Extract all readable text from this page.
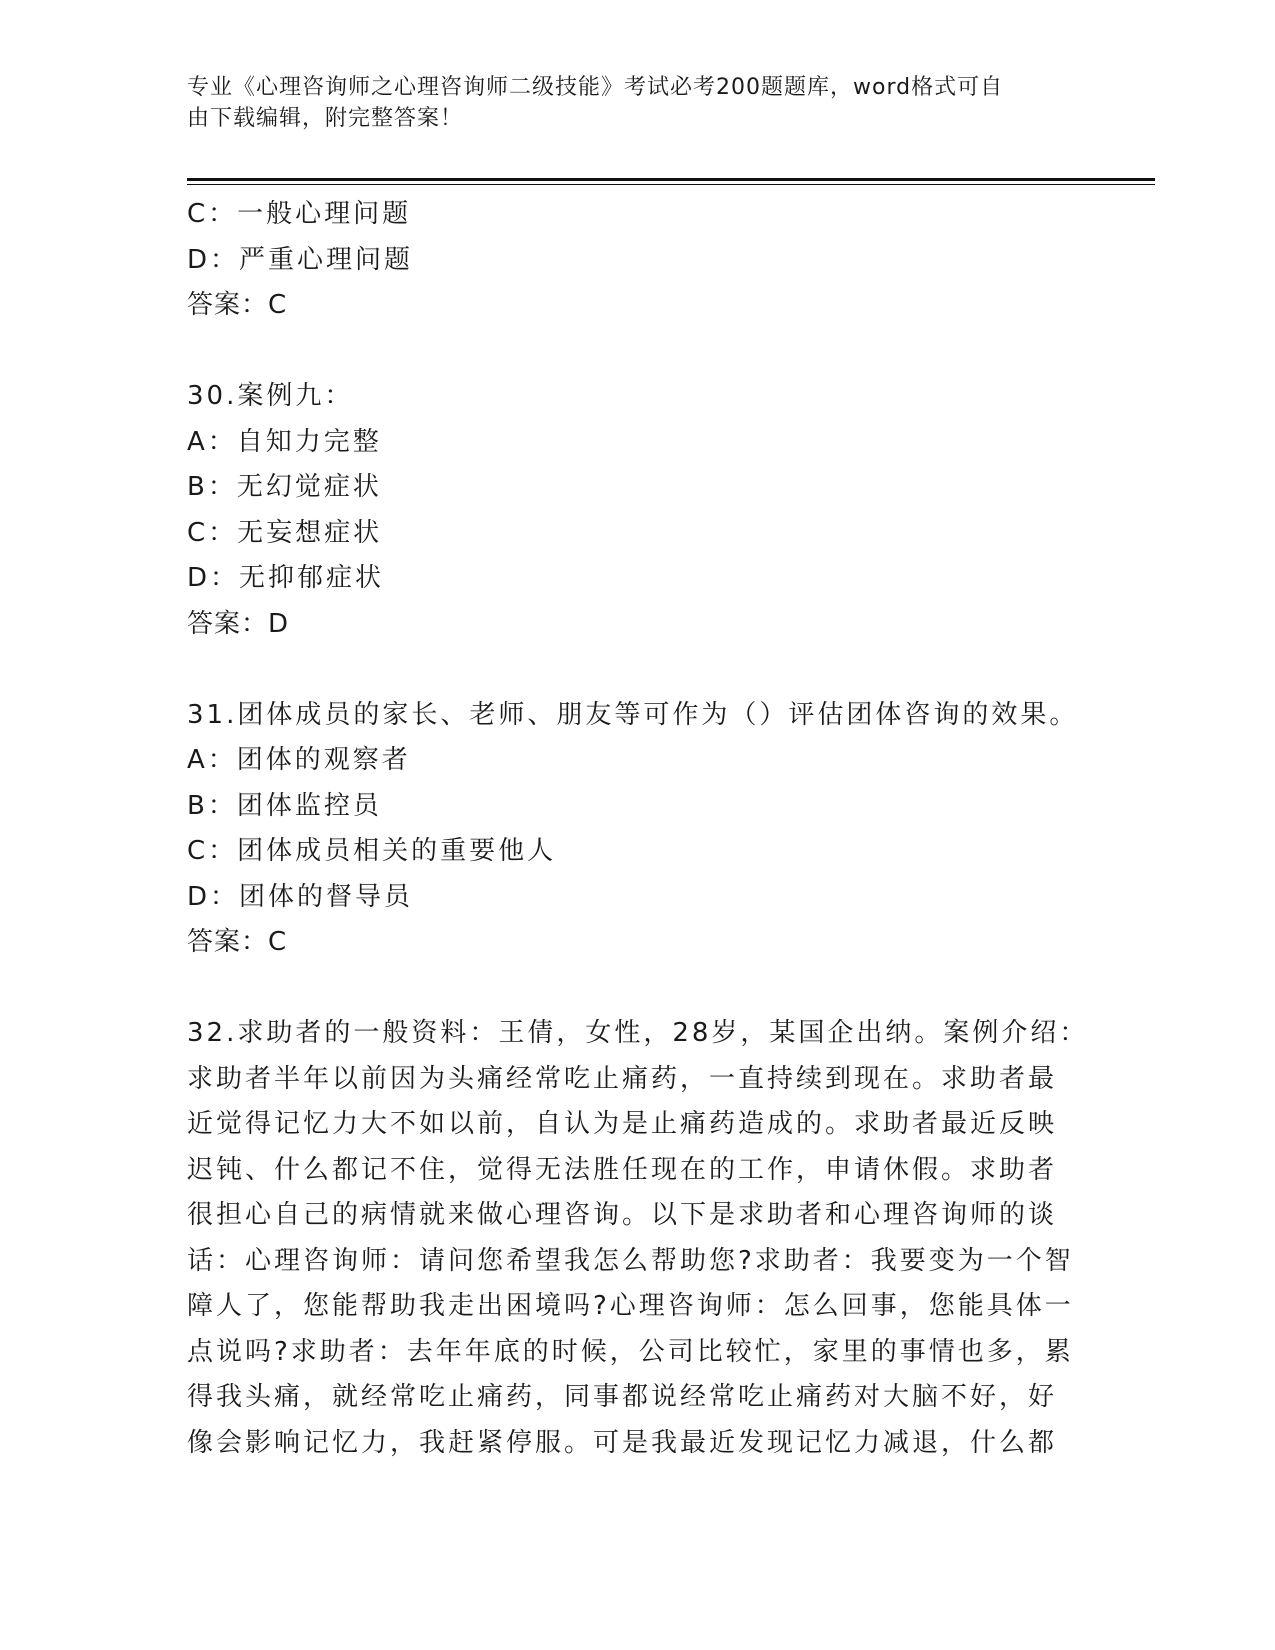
专业《心理咨询师之心理咨询师二级技能》考试必考200题题库，word格式可自
由下载编辑，附完整答案！
C：一般心理问题
D：严重心理问题
答案：C
30.案例九：
A：自知力完整
B：无幻觉症状
C：无妄想症状
D：无抑郁症状
答案：D
31.团体成员的家长、老师、朋友等可作为（）评估团体咨询的效果。
A：团体的观察者
B：团体监控员
C：团体成员相关的重要他人
D：团体的督导员
答案：C
32.求助者的一般资料：王倩，女性，28岁，某国企出纳。案例介绍：
求助者半年以前因为头痛经常吃止痛药，一直持续到现在。求助者最
近觉得记忆力大不如以前，自认为是止痛药造成的。求助者最近反映
迟钝、什么都记不住，觉得无法胜任现在的工作，申请休假。求助者
很担心自己的病情就来做心理咨询。以下是求助者和心理咨询师的谈
话：心理咨询师：请问您希望我怎么帮助您?求助者：我要变为一个智
障人了，您能帮助我走出困境吗?心理咨询师：怎么回事，您能具体一
点说吗?求助者：去年年底的时候，公司比较忙，家里的事情也多，累
得我头痛，就经常吃止痛药，同事都说经常吃止痛药对大脑不好，好
像会影响记忆力，我赶紧停服。可是我最近发现记忆力减退，什么都
